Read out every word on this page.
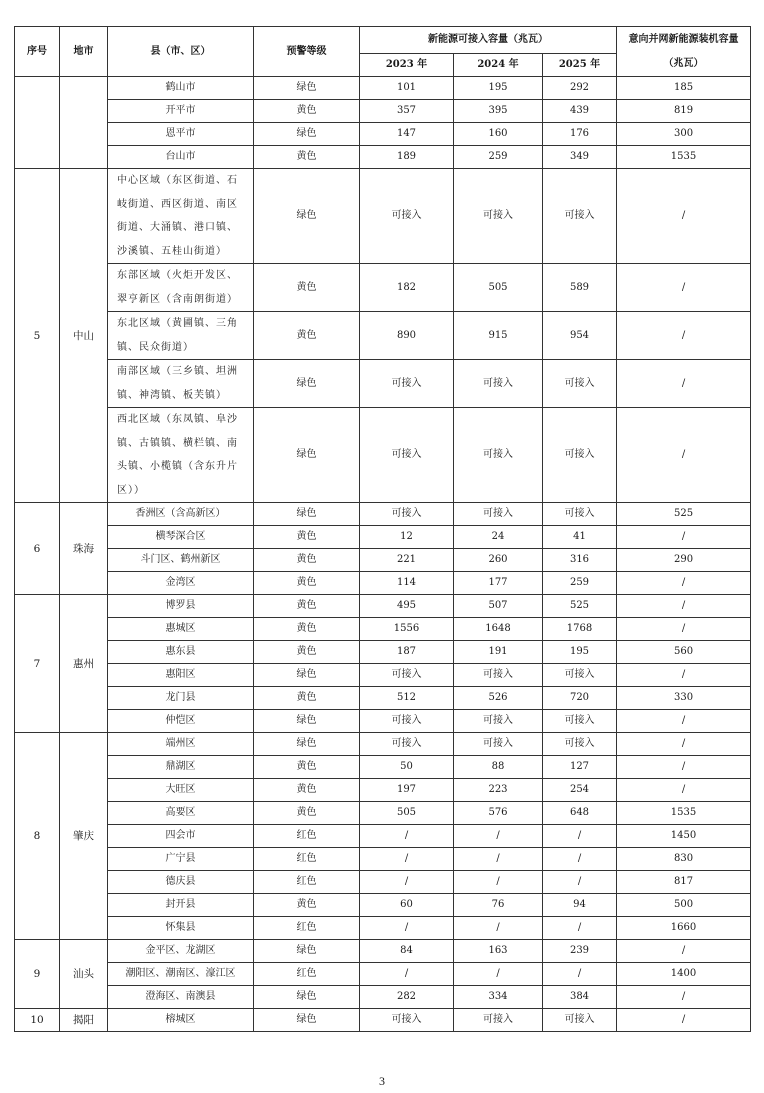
序号	地市	县（市、区）	预警等级	新能源可接入容量（兆瓦）			意向并网新能源装机容量（兆瓦）
				2023 年	2024 年	2025 年	
		鹤山市	绿色	101	195	292	185
		开平市	黄色	357	395	439	819
		恩平市	绿色	147	160	176	300
		台山市	黄色	189	259	349	1535
5	中山	中心区域（东区街道、石岐街道、西区街道、南区街道、大涌镇、港口镇、沙溪镇、五桂山街道）	绿色	可接入	可接入	可接入	/
		东部区域（火炬开发区、翠亨新区（含南朗街道）	黄色	182	505	589	/
		东北区域（黄圃镇、三角镇、民众街道）	黄色	890	915	954	/
		南部区域（三乡镇、坦洲镇、神湾镇、板芙镇）	绿色	可接入	可接入	可接入	/
		西北区域（东凤镇、阜沙镇、古镇镇、横栏镇、南头镇、小榄镇（含东升片区））	绿色	可接入	可接入	可接入	/
6	珠海	香洲区（含高新区）	绿色	可接入	可接入	可接入	525
		横琴深合区	黄色	12	24	41	/
		斗门区、鹤州新区	黄色	221	260	316	290
		金湾区	黄色	114	177	259	/
7	惠州	博罗县	黄色	495	507	525	/
		惠城区	黄色	1556	1648	1768	/
		惠东县	黄色	187	191	195	560
		惠阳区	绿色	可接入	可接入	可接入	/
		龙门县	黄色	512	526	720	330
		仲恺区	绿色	可接入	可接入	可接入	/
8	肇庆	端州区	绿色	可接入	可接入	可接入	/
		鼎湖区	黄色	50	88	127	/
		大旺区	黄色	197	223	254	/
		高要区	黄色	505	576	648	1535
		四会市	红色	/	/	/	1450
		广宁县	红色	/	/	/	830
		德庆县	红色	/	/	/	817
		封开县	黄色	60	76	94	500
		怀集县	红色	/	/	/	1660
9	汕头	金平区、龙湖区	绿色	84	163	239	/
		潮阳区、潮南区、濠江区	红色	/	/	/	1400
		澄海区、南澳县	绿色	282	334	384	/
10	揭阳	榕城区	绿色	可接入	可接入	可接入	/
3
